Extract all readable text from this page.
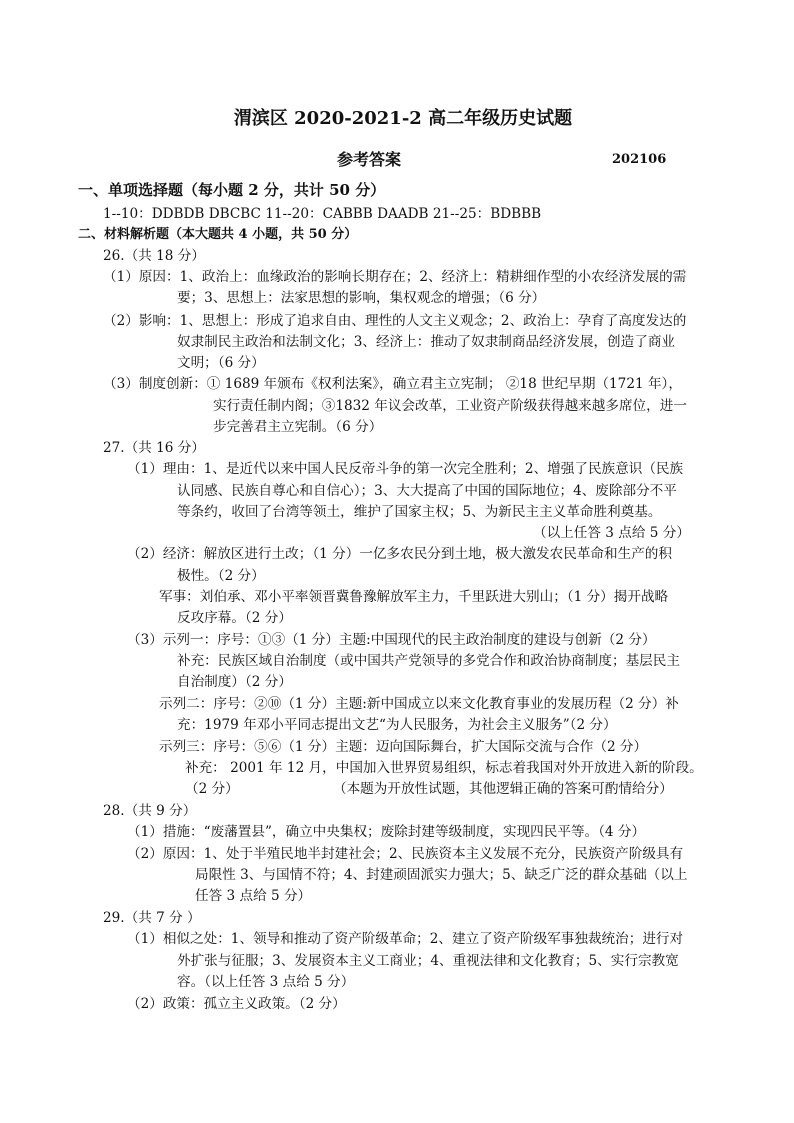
渭滨区 2020-2021-2 高二年级历史试题
参考答案	202106
一、单项选择题（每小题 2 分，共计 50 分）
1--10：DDBDB DBCBC 11--20：CABBB DAADB 21--25：BDBBB
二、材料解析题（本大题共 4 小题，共 50 分）
26.（共 18 分）
（1）原因：1、政治上：血缘政治的影响长期存在；2、经济上：精耕细作型的小农经济发展的需
要；3、思想上：法家思想的影响，集权观念的增强；（6 分）
（2）影响：1、思想上：形成了追求自由、理性的人文主义观念；2、政治上：孕育了高度发达的
奴隶制民主政治和法制文化；3、经济上：推动了奴隶制商品经济发展，创造了商业
文明；（6 分）
（3）制度创新：① 1689 年颁布《权利法案》，确立君主立宪制； ②18 世纪早期（1721 年），
实行责任制内阁；③1832 年议会改革，工业资产阶级获得越来越多席位，进一
步完善君主立宪制。（6 分）
27.（共 16 分）
（1）理由：1、是近代以来中国人民反帝斗争的第一次完全胜利；2、增强了民族意识（民族
认同感、民族自尊心和自信心）；3、大大提高了中国的国际地位；4、废除部分不平
等条约，收回了台湾等领土，维护了国家主权；5、为新民主主义革命胜利奠基。
（以上任答 3 点给 5 分）
（2）经济：解放区进行土改；（1 分）一亿多农民分到土地，极大激发农民革命和生产的积
极性。（2 分）
军事：刘伯承、邓小平率领晋冀鲁豫解放军主力，千里跃进大别山；（1 分）揭开战略
反攻序幕。（2 分）
（3）示列一：序号：①③（1 分）主题:中国现代的民主政治制度的建设与创新（2 分）
补充：民族区域自治制度（或中国共产党领导的多党合作和政治协商制度；基层民主
自治制度）（2 分）
示列二：序号：②⑩（1 分）主题:新中国成立以来文化教育事业的发展历程（2 分）补
充：1979 年邓小平同志提出文艺“为人民服务，为社会主义服务”（2 分）
示列三：序号：⑤⑥（1 分）主题：迈向国际舞台，扩大国际交流与合作（2 分）
补充： 2001 年 12 月，中国加入世界贸易组织，标志着我国对外开放进入新的阶段。
（2 分）	（本题为开放性试题，其他逻辑正确的答案可酌情给分）
28.（共 9 分）
（1）措施：“废藩置县”，确立中央集权；废除封建等级制度，实现四民平等。（4 分）
（2）原因：1、处于半殖民地半封建社会；2、民族资本主义发展不充分，民族资产阶级具有
局限性 3、与国情不符；4、封建顽固派实力强大；5、缺乏广泛的群众基础（以上
任答 3 点给 5 分）
29.（共 7 分 ）
（1）相似之处：1、领导和推动了资产阶级革命；2、建立了资产阶级军事独裁统治；进行对
外扩张与征服；3、发展资本主义工商业；4、重视法律和文化教育；5、实行宗教宽
容。（以上任答 3 点给 5 分）
（2）政策：孤立主义政策。（2 分）
